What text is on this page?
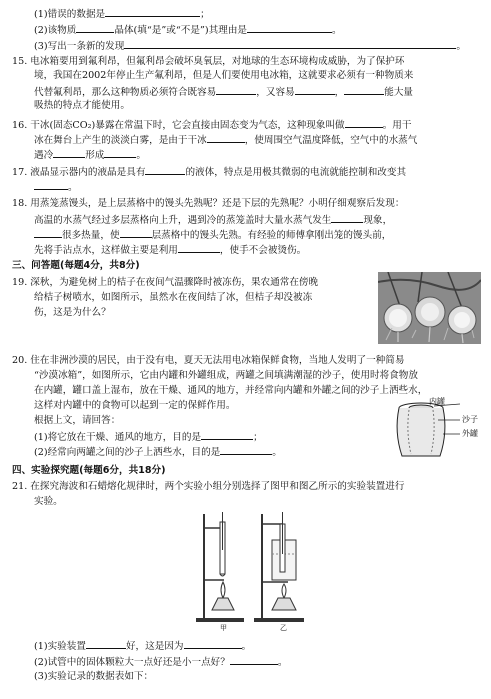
(1)错误的数据是	；
(2)该物质	晶体(填“是”或“不是”)其理由是	。
(3)写出一条新的发现	。
15. 电冰箱要用到氟利昂，但氟利昂会破坏臭氧层，对地球的生态环境构成威胁，为了保护环
境，我国在2002年停止生产氟利昂，但是人们要使用电冰箱，这就要求必须有一种物质来
代替氟利昂，那么这种物质必须符合既容易	，又容易	，	能大量
吸热的特点才能使用。
16. 干冰(固态CO₂)暴露在常温下时，它会直接由固态变为气态，这种现象叫做	。用干
冰在舞台上产生的淡淡白雾，是由于干冰	，使周围空气温度降低，空气中的水蒸气
遇冷	形成	。
17. 液晶显示器内的液晶是具有	的液体，特点是用极其微弱的电流就能控制和改变其
。
18. 用蒸笼蒸馒头，是上层蒸格中的馒头先熟呢？还是下层的先熟呢？小明仔细观察后发现：
高温的水蒸气经过多层蒸格向上升，遇到冷的蒸笼盖时大量水蒸气发生	现象，
很多热量，使	层蒸格中的馒头先熟。有经验的师傅拿刚出笼的馒头前，
先将手沾点水，这样做主要是利用	，使手不会被烫伤。
三、问答题(每题4分，共8分)
19. 深秋，为避免树上的桔子在夜间气温骤降时被冻伤，果农通常在傍晚
给桔子树喷水，如图所示，虽然水在夜间结了冰，但桔子却没被冻
伤，这是为什么？
20. 住在非洲沙漠的居民，由于没有电，夏天无法用电冰箱保鲜食物，当地人发明了一种简易
“沙漠冰箱”，如图所示，它由内罐和外罐组成，两罐之间填满潮湿的沙子，使用时将食物放
在内罐，罐口盖上湿布，放在干燥、通风的地方，并经常向内罐和外罐之间的沙子上洒些水，
这样对内罐中的食物可以起到一定的保鲜作用。
根据上文，请回答：
(1)将它放在干燥、通风的地方，目的是	；
(2)经常向两罐之间的沙子上洒些水，目的是	。
内罐
沙子
外罐
四、实验探究题(每题6分，共18分)
21. 在探究海波和石蜡熔化规律时，两个实验小组分别选择了图甲和图乙所示的实验装置进行
实验。
甲	乙
(1)实验装置	好，这是因为	。
(2)试管中的固体颗粒大一点好还是小一点好？	。
(3)实验记录的数据表如下：
